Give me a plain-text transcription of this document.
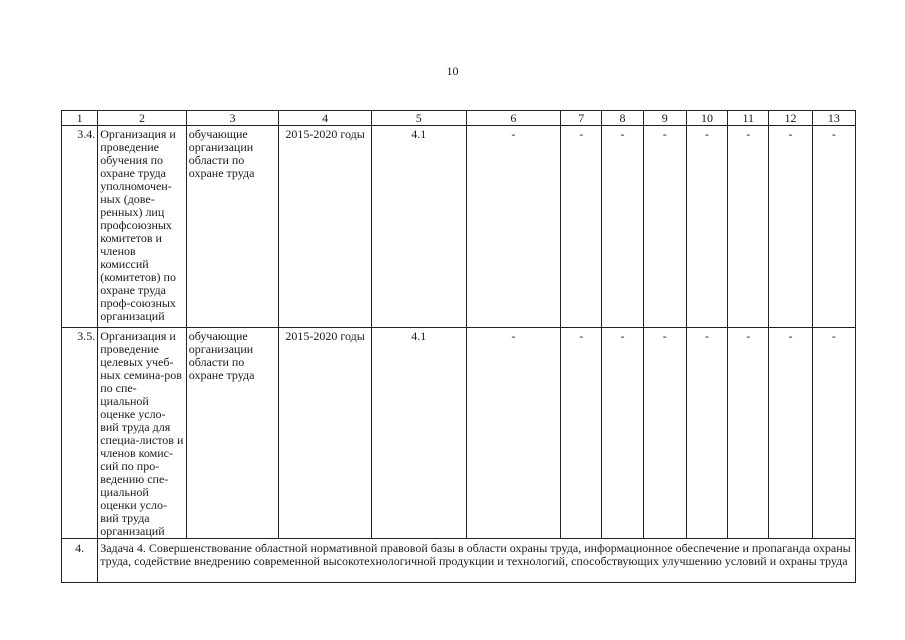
10
1	2	3	4	5	6	7	8	9	10	11	12	13
3.4.	Организация и проведение обучения по охране труда уполномочен-ных (дове-ренных) лиц профсоюзных комитетов и членов комиссий (комитетов) по охране труда проф-союзных организаций	обучающие организации области по охране труда	2015-2020 годы	4.1	-	-	-	-	-	-	-	-
3.5.	Организация и проведение целевых учеб-ных семина-ров по спе-циальной оценке усло-вий труда для специа-листов и членов комис-сий по про-ведению спе-циальной оценки усло-вий труда организаций	обучающие организации области по охране труда	2015-2020 годы	4.1	-	-	-	-	-	-	-	-
4.	Задача 4. Совершенствование областной нормативной правовой базы в области охраны труда, информационное обеспечение и пропаганда охраны труда, содействие внедрению современной высокотехнологичной продукции и технологий, способствующих улучшению условий и охраны труда											
